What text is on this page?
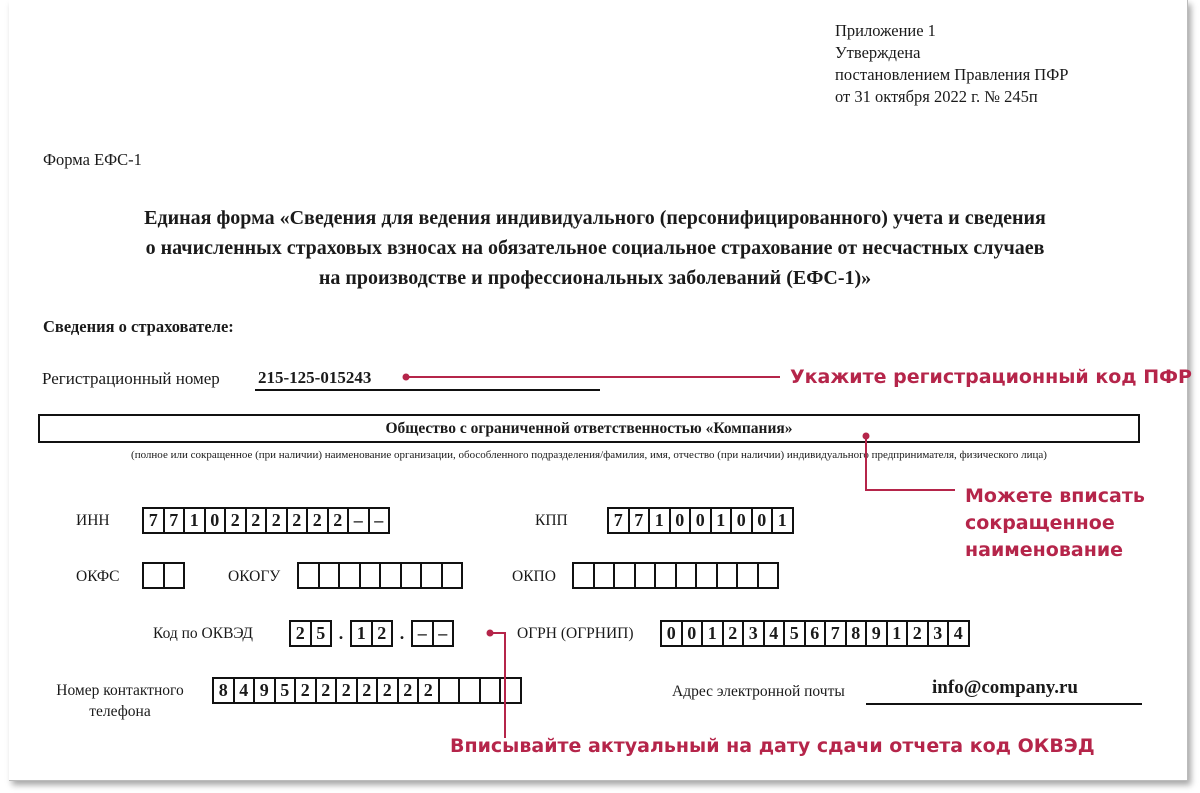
Приложение 1
Утверждена
постановлением Правления ПФР
от 31 октября 2022 г. № 245п
Форма ЕФС-1
Единая форма «Сведения для ведения индивидуального (персонифицированного) учета и сведения
о начисленных страховых взносах на обязательное социальное страхование от несчастных случаев
на производстве и профессиональных заболеваний (ЕФС-1)»
Сведения о страхователе:
Регистрационный номер 215-125-015243
Общество с ограниченной ответственностью «Компания»
(полное или сокращенное (при наличии) наименование организации, обособленного подразделения/фамилия, имя, отчество (при наличии) индивидуального предпринимателя, физического лица)
ИНН	7 7 1 0 2 2 2 2 2 2 – –	КПП	7 7 1 0 0 1 0 0 1
ОКФС	ОКОГУ	ОКПО
Код по ОКВЭД	2 5 . 1 2 . – –	ОГРН (ОГРНИП)	0 0 1 2 3 4 5 6 7 8 9 1 2 3 4
Номер контактного
телефона
8 4 9 5 2 2 2 2 2 2 2	Адрес электронной почты	info@company.ru
Укажите регистрационный код ПФР
Можете вписать
сокращенное
наименование
Вписывайте актуальный на дату сдачи отчета код ОКВЭД
